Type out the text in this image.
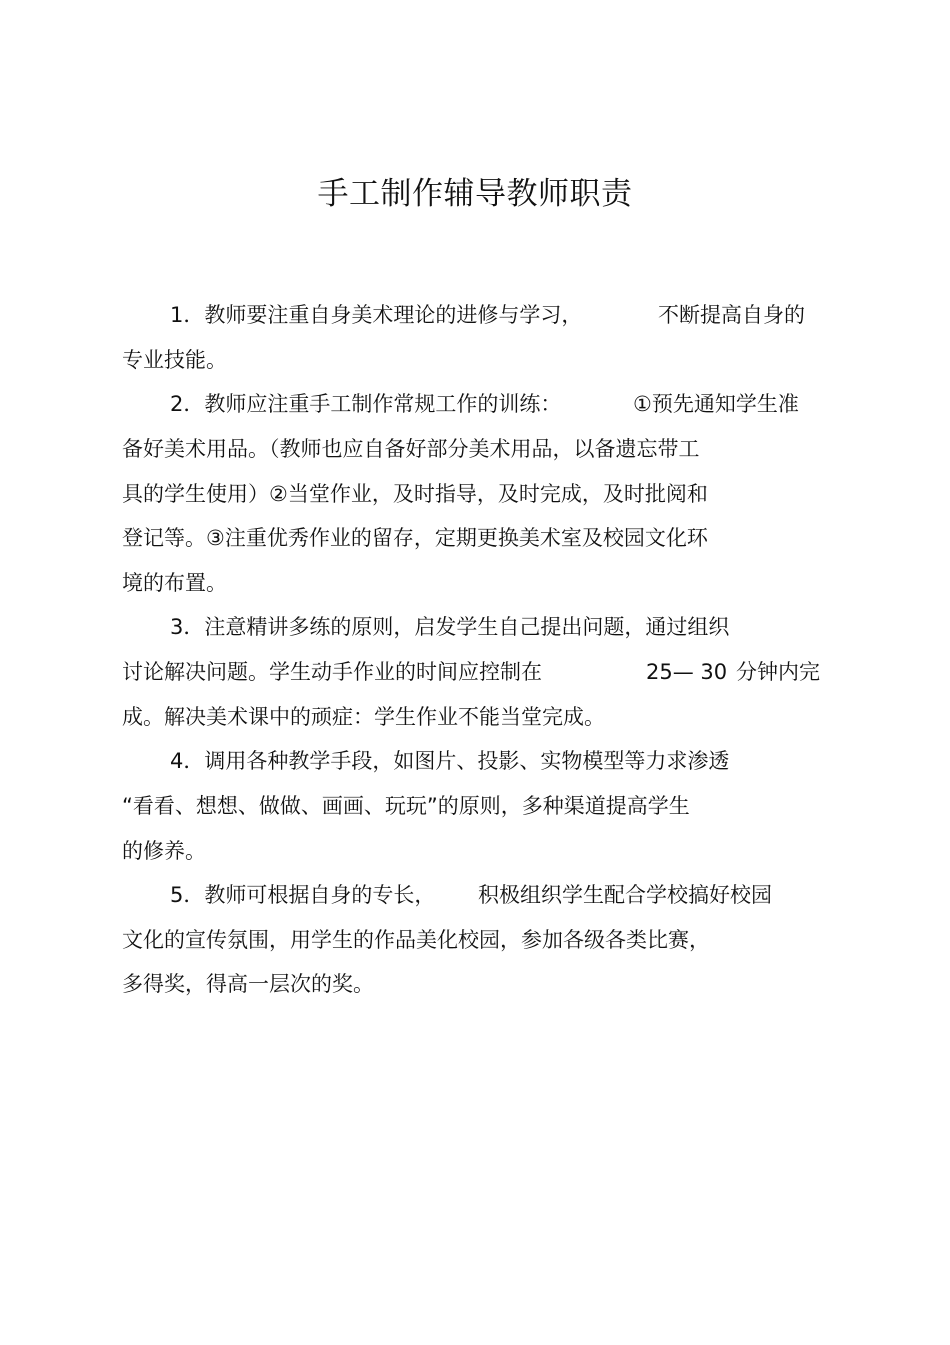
手工制作辅导教师职责
1．教师要注重自身美术理论的进修与学习，	不断提高自身的
专业技能。
2．教师应注重手工制作常规工作的训练：	①预先通知学生准
备好美术用品。（教师也应自备好部分美术用品，以备遗忘带工
具的学生使用）②当堂作业，及时指导，及时完成，及时批阅和
登记等。③注重优秀作业的留存，定期更换美术室及校园文化环
境的布置。
3．注意精讲多练的原则，启发学生自己提出问题，通过组织
讨论解决问题。学生动手作业的时间应控制在	25— 30 分钟内完
成。解决美术课中的顽症：学生作业不能当堂完成。
4．调用各种教学手段，如图片、投影、实物模型等力求渗透
“看看、想想、做做、画画、玩玩”的原则，多种渠道提高学生
的修养。
5．教师可根据自身的专长， 积极组织学生配合学校搞好校园
文化的宣传氛围，用学生的作品美化校园，参加各级各类比赛，
多得奖，得高一层次的奖。
